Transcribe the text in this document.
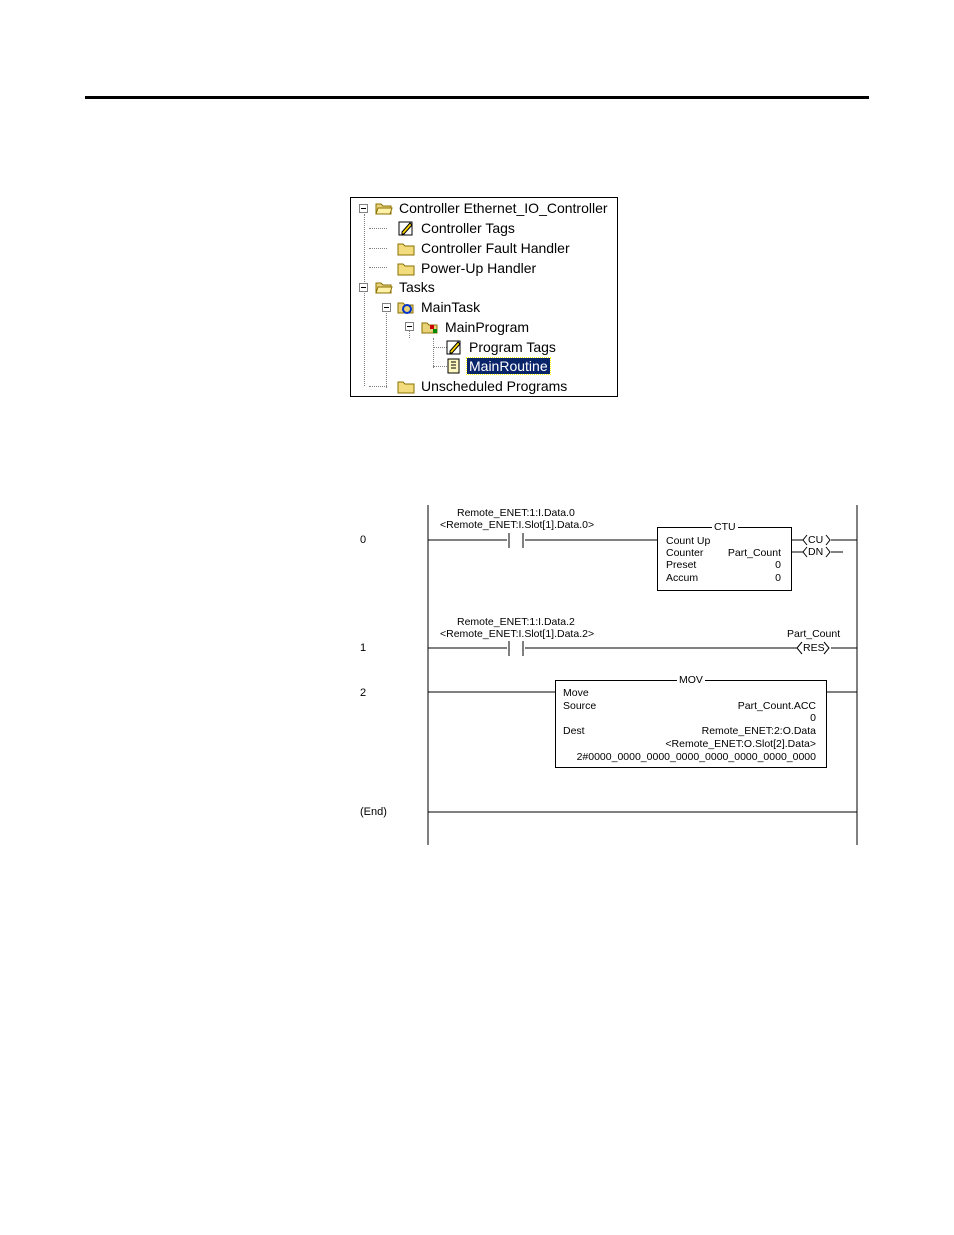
Controller Ethernet_IO_Controller
Controller Tags
Controller Fault Handler
Power-Up Handler
Tasks
MainTask
MainProgram
Program Tags
MainRoutine
Unscheduled Programs
0
1
2
(End)
Remote_ENET:1:I.Data.0
<Remote_ENET:I.Slot[1].Data.0>	CTU
Count Up
Counter Part_Count
Preset	0
Accum	0
CU
DN
Remote_ENET:1:I.Data.2
<Remote_ENET:I.Slot[1].Data.2>	Part_Count
RES
MOV
Move
Source	Part_Count.ACC
0
Dest	Remote_ENET:2:O.Data
<Remote_ENET:O.Slot[2].Data>
2#0000_0000_0000_0000_0000_0000_0000_0000
